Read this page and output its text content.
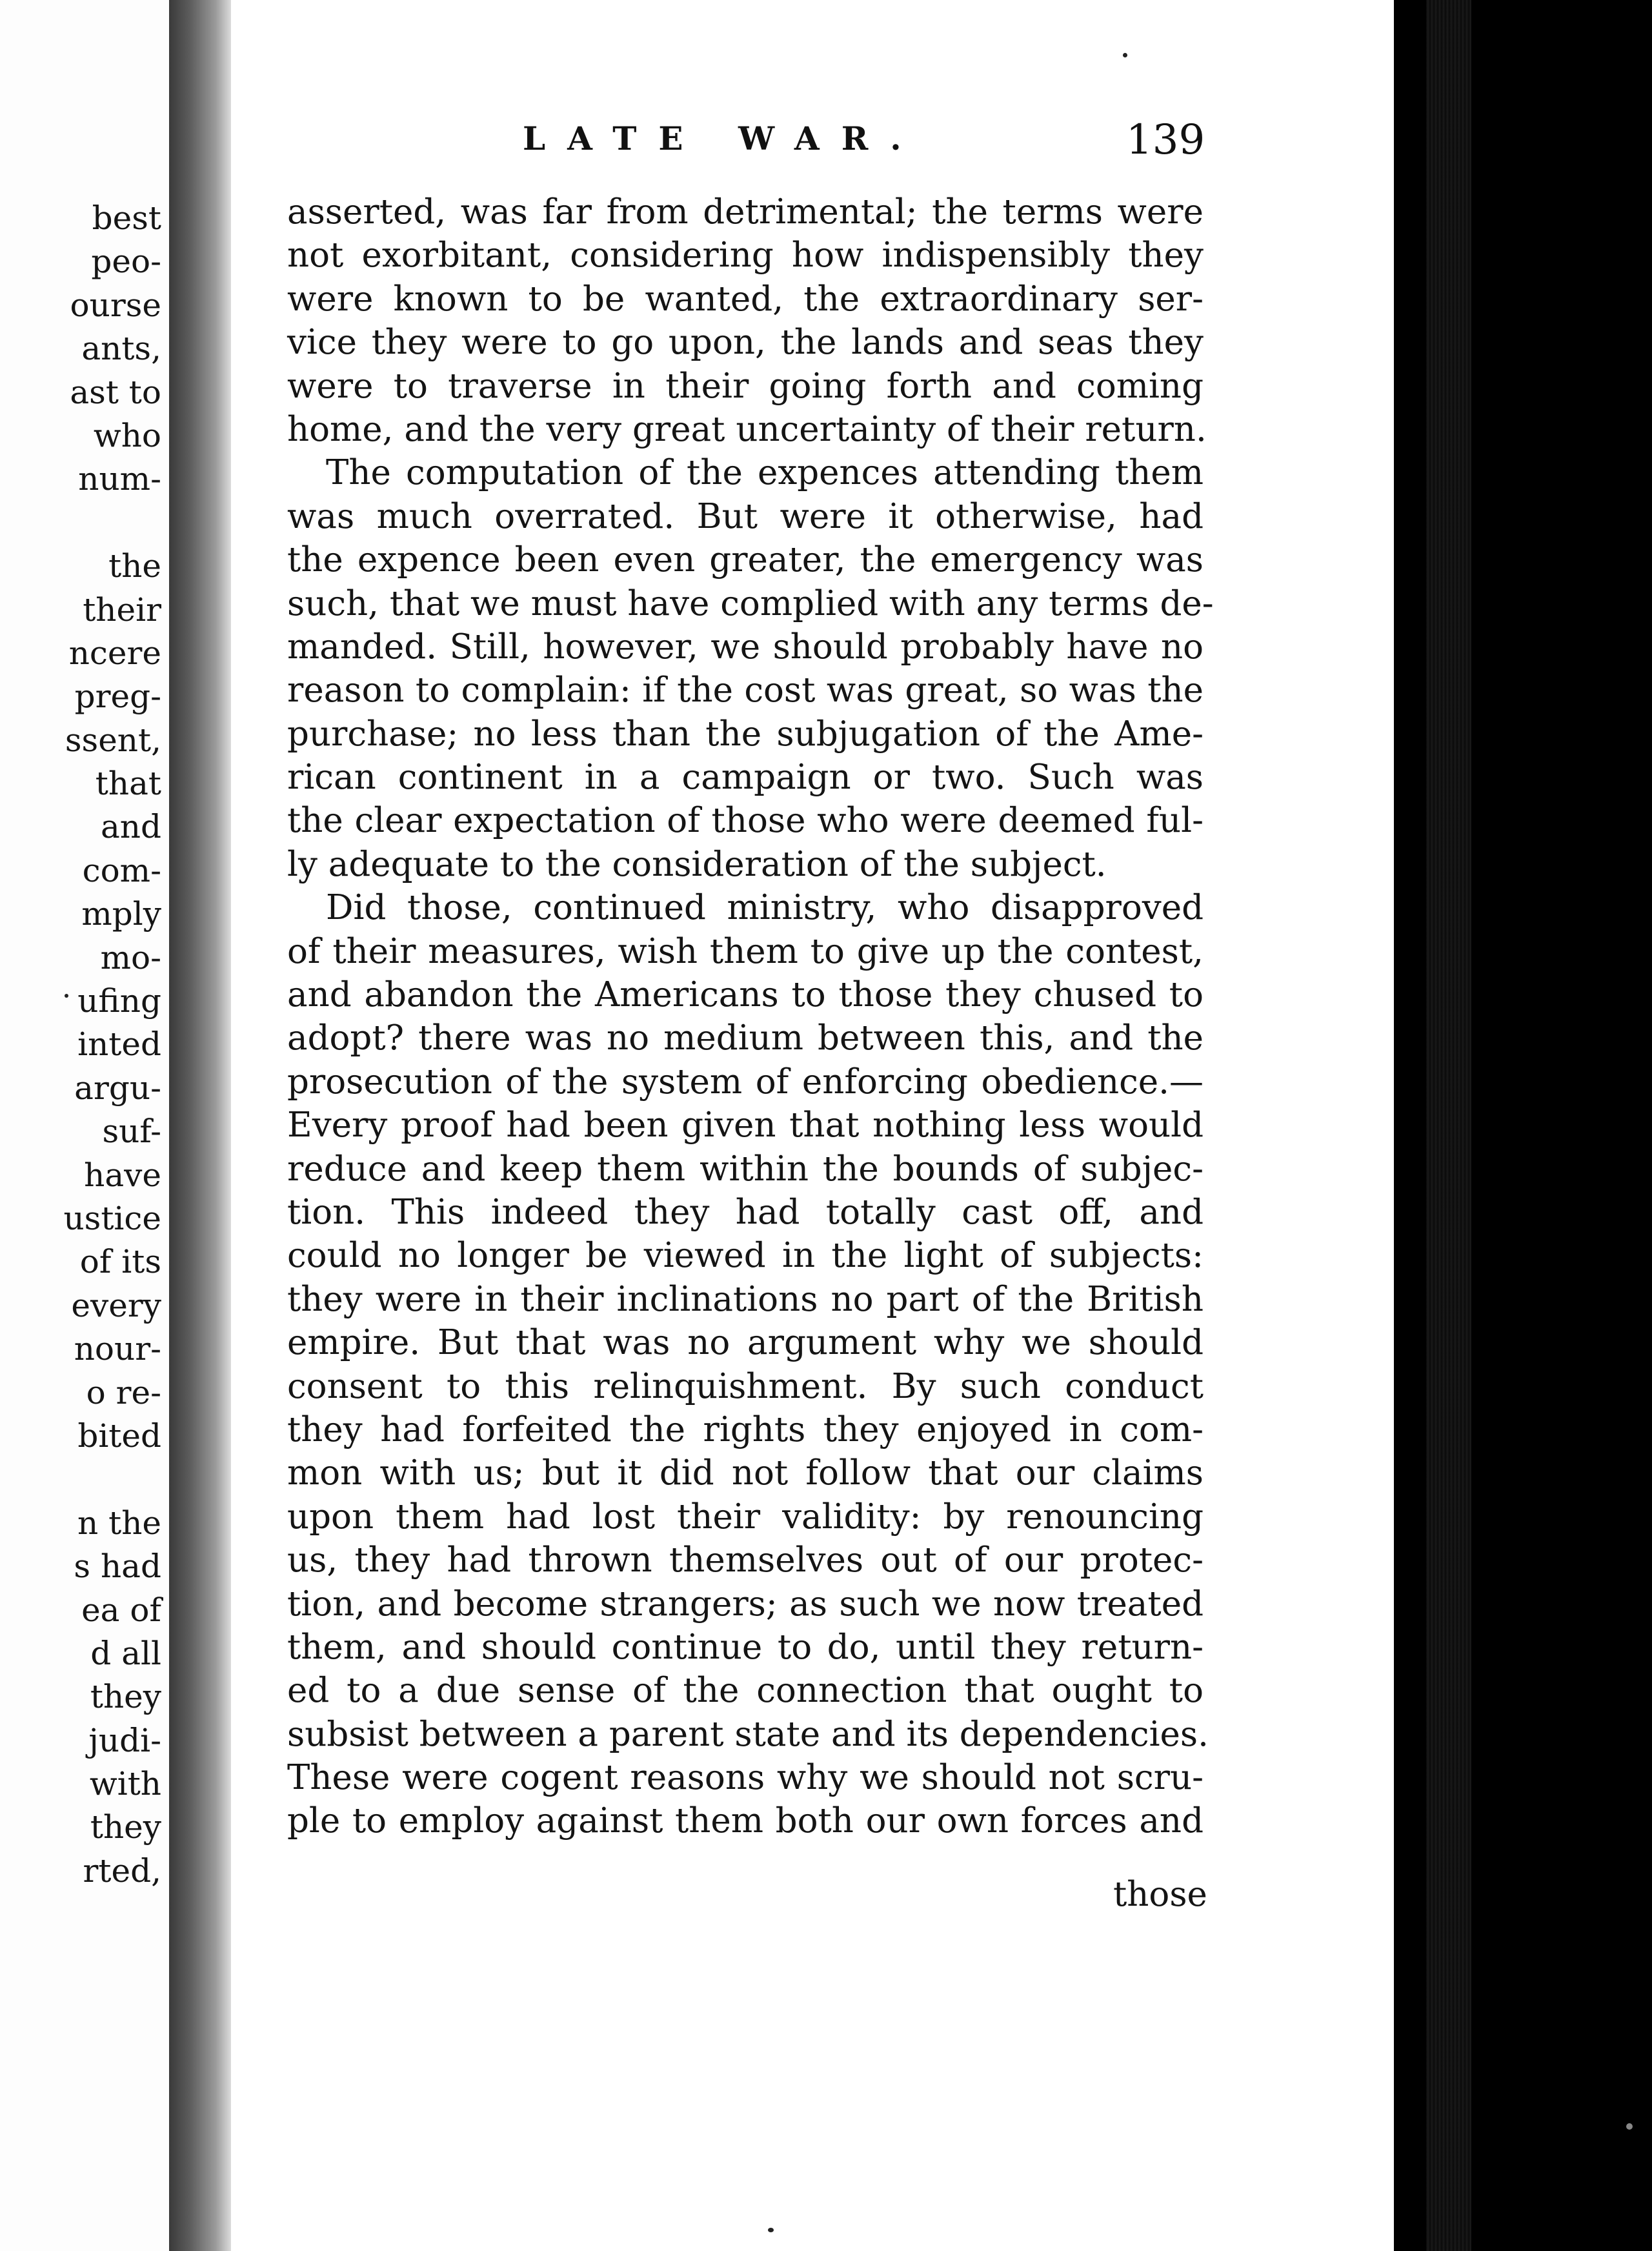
best
peo-
ourse
ants,
ast to
who
num-
the
their
ncere
preg-
ssent,
that
and
com-
mply
mo-
ufing
inted
argu-
suf-
have
ustice
of its
every
nour-
o re-
bited
n the
s had
ea of
d all
they
judi-
with
they
rted,
LATE WAR.	139
asserted, was far from detrimental; the terms were
not exorbitant, considering how indispensibly they
were known to be wanted, the extraordinary ser-
vice they were to go upon, the lands and seas they
were to traverse in their going forth and coming
home, and the very great uncertainty of their return.
The computation of the expences attending them
was much overrated. But were it otherwise, had
the expence been even greater, the emergency was
such, that we must have complied with any terms de-
manded. Still, however, we should probably have no
reason to complain: if the cost was great, so was the
purchase; no less than the subjugation of the Ame-
rican continent in a campaign or two. Such was
the clear expectation of those who were deemed ful-
ly adequate to the consideration of the subject.
Did those, continued ministry, who disapproved
of their measures, wish them to give up the contest,
and abandon the Americans to those they chused to
adopt? there was no medium between this, and the
prosecution of the system of enforcing obedience.—
Every proof had been given that nothing less would
reduce and keep them within the bounds of subjec-
tion. This indeed they had totally cast off, and
could no longer be viewed in the light of subjects:
they were in their inclinations no part of the British
empire. But that was no argument why we should
consent to this relinquishment. By such conduct
they had forfeited the rights they enjoyed in com-
mon with us; but it did not follow that our claims
upon them had lost their validity: by renouncing
us, they had thrown themselves out of our protec-
tion, and become strangers; as such we now treated
them, and should continue to do, until they return-
ed to a due sense of the connection that ought to
subsist between a parent state and its dependencies.
These were cogent reasons why we should not scru-
ple to employ against them both our own forces and
those
